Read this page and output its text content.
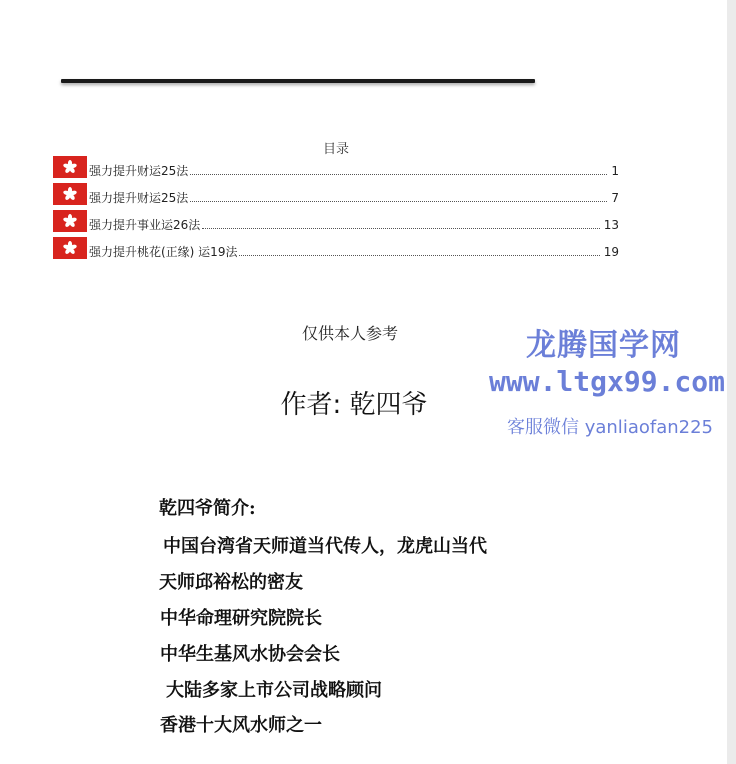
目录
强力提升财运25法	1
强力提升财运25法	7
强力提升事业运26法	13
强力提升桃花(正缘) 运19法	19
仅供本人参考
作者: 乾四爷
龙腾国学网
www.ltgx99.com
客服微信 yanliaofan225
乾四爷简介:
中国台湾省天师道当代传人，龙虎山当代
天师邱裕松的密友
中华命理研究院院长
中华生基风水协会会长
大陆多家上市公司战略顾问
香港十大风水师之一
